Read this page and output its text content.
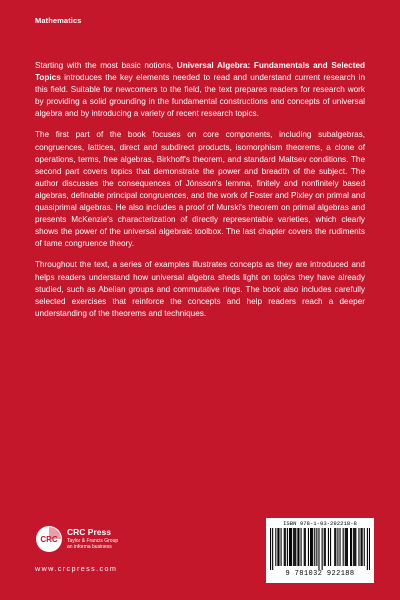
Mathematics

Starting with the most basic notions, Universal Algebra: Fundamentals and Selected Topics introduces the key elements needed to read and understand current research in this field. Suitable for newcomers to the field, the text prepares readers for research work by providing a solid grounding in the fundamental constructions and concepts of universal algebra and by introducing a variety of recent research topics.

The first part of the book focuses on core components, including subalgebras, congruences, lattices, direct and subdirect products, isomorphism theorems, a clone of operations, terms, free algebras, Birkhoff's theorem, and standard Maltsev conditions. The second part covers topics that demonstrate the power and breadth of the subject. The author discusses the consequences of Jónsson's lemma, finitely and nonfinitely based algebras, definable principal congruences, and the work of Foster and Pixley on primal and quasiprimal algebras. He also includes a proof of Murski's theorem on primal algebras and presents McKenzie's characterization of directly representable varieties, which clearly shows the power of the universal algebraic toolbox. The last chapter covers the rudiments of tame congruence theory.

Throughout the text, a series of examples illustrates concepts as they are introduced and helps readers understand how universal algebra sheds light on topics they have already studied, such as Abelian groups and commutative rings. The book also includes carefully selected exercises that reinforce the concepts and help readers reach a deeper understanding of the theorems and techniques.

CRC
CRC Press
Taylor & Francis Group
an informa business
www.crcpress.com
ISBN 978-1-03-292218-8
9 781032 922188
